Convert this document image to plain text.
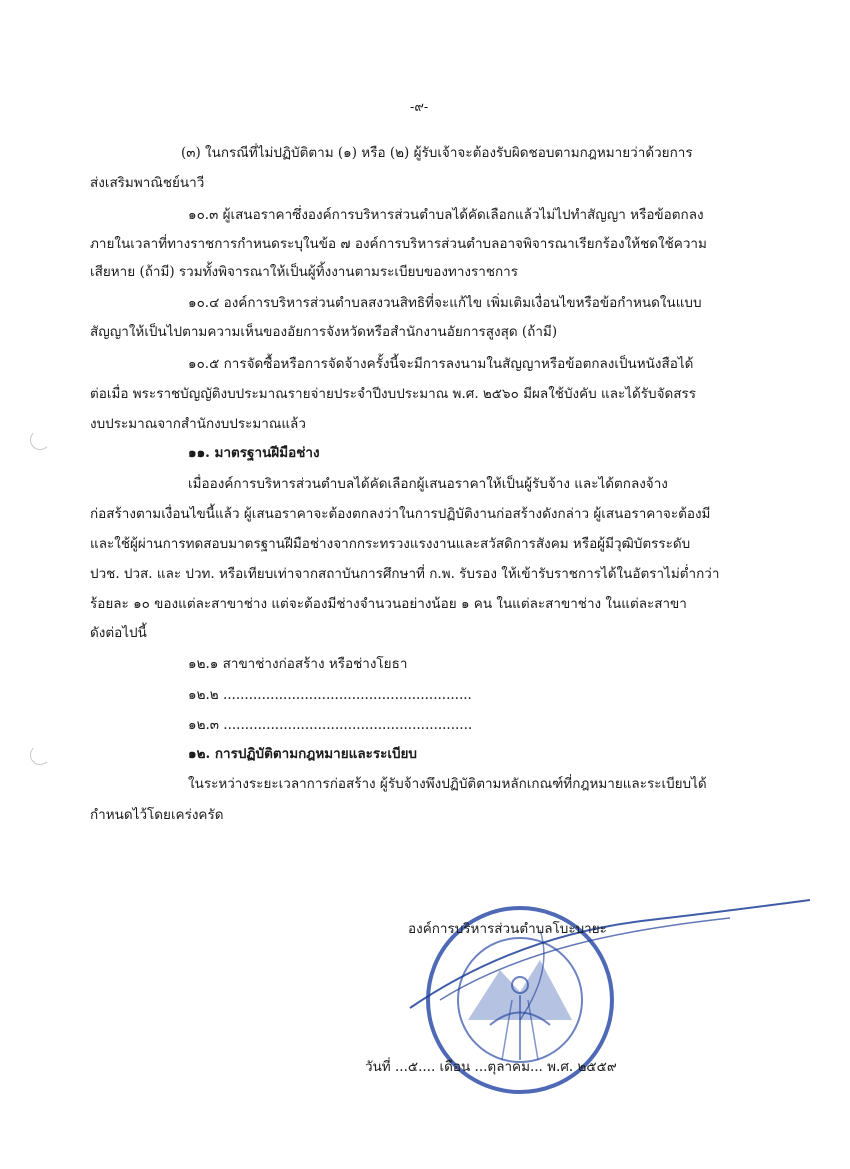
-๙-
(๓) ในกรณีที่ไม่ปฏิบัติตาม (๑) หรือ (๒) ผู้รับเจ้าจะต้องรับผิดชอบตามกฎหมายว่าด้วยการ
ส่งเสริมพาณิชย์นาวี
๑๐.๓ ผู้เสนอราคาซึ่งองค์การบริหารส่วนตำบลได้คัดเลือกแล้วไม่ไปทำสัญญา หรือข้อตกลง
ภายในเวลาที่ทางราชการกำหนดระบุในข้อ ๗ องค์การบริหารส่วนตำบลอาจพิจารณาเรียกร้องให้ชดใช้ความ
เสียหาย (ถ้ามี) รวมทั้งพิจารณาให้เป็นผู้ทิ้งงานตามระเบียบของทางราชการ
๑๐.๔ องค์การบริหารส่วนตำบลสงวนสิทธิที่จะแก้ไข เพิ่มเติมเงื่อนไขหรือข้อกำหนดในแบบ
สัญญาให้เป็นไปตามความเห็นของอัยการจังหวัดหรือสำนักงานอัยการสูงสุด (ถ้ามี)
๑๐.๕ การจัดซื้อหรือการจัดจ้างครั้งนี้จะมีการลงนามในสัญญาหรือข้อตกลงเป็นหนังสือได้
ต่อเมื่อ พระราชบัญญัติงบประมาณรายจ่ายประจำปีงบประมาณ พ.ศ. ๒๕๖๐ มีผลใช้บังคับ และได้รับจัดสรร
งบประมาณจากสำนักงบประมาณแล้ว
๑๑. มาตรฐานฝีมือช่าง
เมื่อองค์การบริหารส่วนตำบลได้คัดเลือกผู้เสนอราคาให้เป็นผู้รับจ้าง และได้ตกลงจ้าง
ก่อสร้างตามเงื่อนไขนี้แล้ว ผู้เสนอราคาจะต้องตกลงว่าในการปฏิบัติงานก่อสร้างดังกล่าว ผู้เสนอราคาจะต้องมี
และใช้ผู้ผ่านการทดสอบมาตรฐานฝีมือช่างจากกระทรวงแรงงานและสวัสดิการสังคม หรือผู้มีวุฒิบัตรระดับ
ปวช. ปวส. และ ปวท. หรือเทียบเท่าจากสถาบันการศึกษาที่ ก.พ. รับรอง ให้เข้ารับราชการได้ในอัตราไม่ต่ำกว่า
ร้อยละ ๑๐ ของแต่ละสาขาช่าง แต่จะต้องมีช่างจำนวนอย่างน้อย ๑ คน ในแต่ละสาขาช่าง ในแต่ละสาขา
ดังต่อไปนี้
๑๒.๑ สาขาช่างก่อสร้าง หรือช่างโยธา
๑๒.๒ ..........................................................
๑๒.๓ ..........................................................
๑๒. การปฏิบัติตามกฎหมายและระเบียบ
ในระหว่างระยะเวลาการก่อสร้าง ผู้รับจ้างพึงปฏิบัติตามหลักเกณฑ์ที่กฎหมายและระเบียบได้
กำหนดไว้โดยเคร่งครัด
องค์การบริหารส่วนตำบลโบะบายะ
วันที่ ...๕.... เดือน ...ตุลาคม... พ.ศ. ๒๕๕๙
